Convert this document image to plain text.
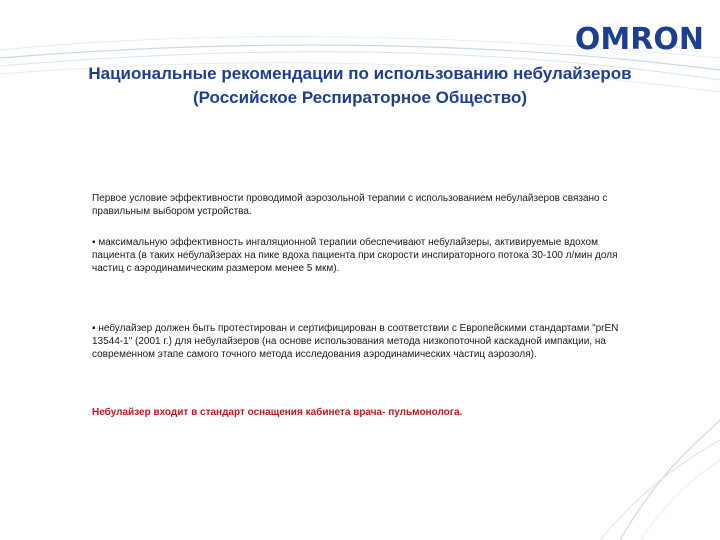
OMRON
Национальные рекомендации по использованию небулайзеров
(Российское Респираторное Общество)

Первое условие эффективности проводимой аэрозольной терапии с использованием небулайзеров связано с правильным выбором устройства.

▪ максимальную эффективность ингаляционной терапии обеспечивают небулайзеры, активируемые вдохом пациента (в таких небулайзерах на пике вдоха пациента при скорости инспираторного потока 30-100 л/мин доля частиц с аэродинамическим размером менее 5 мкм).

▪ небулайзер должен быть протестирован и сертифицирован в соответствии с Европейскими стандартами "prEN 13544-1" (2001 г.) для небулайзеров (на основе использования метода низкопоточной каскадной импакции, на современном этапе самого точного метода исследования аэродинамических частиц аэрозоля).

Небулайзер входит в стандарт оснащения кабинета врача- пульмонолога.
